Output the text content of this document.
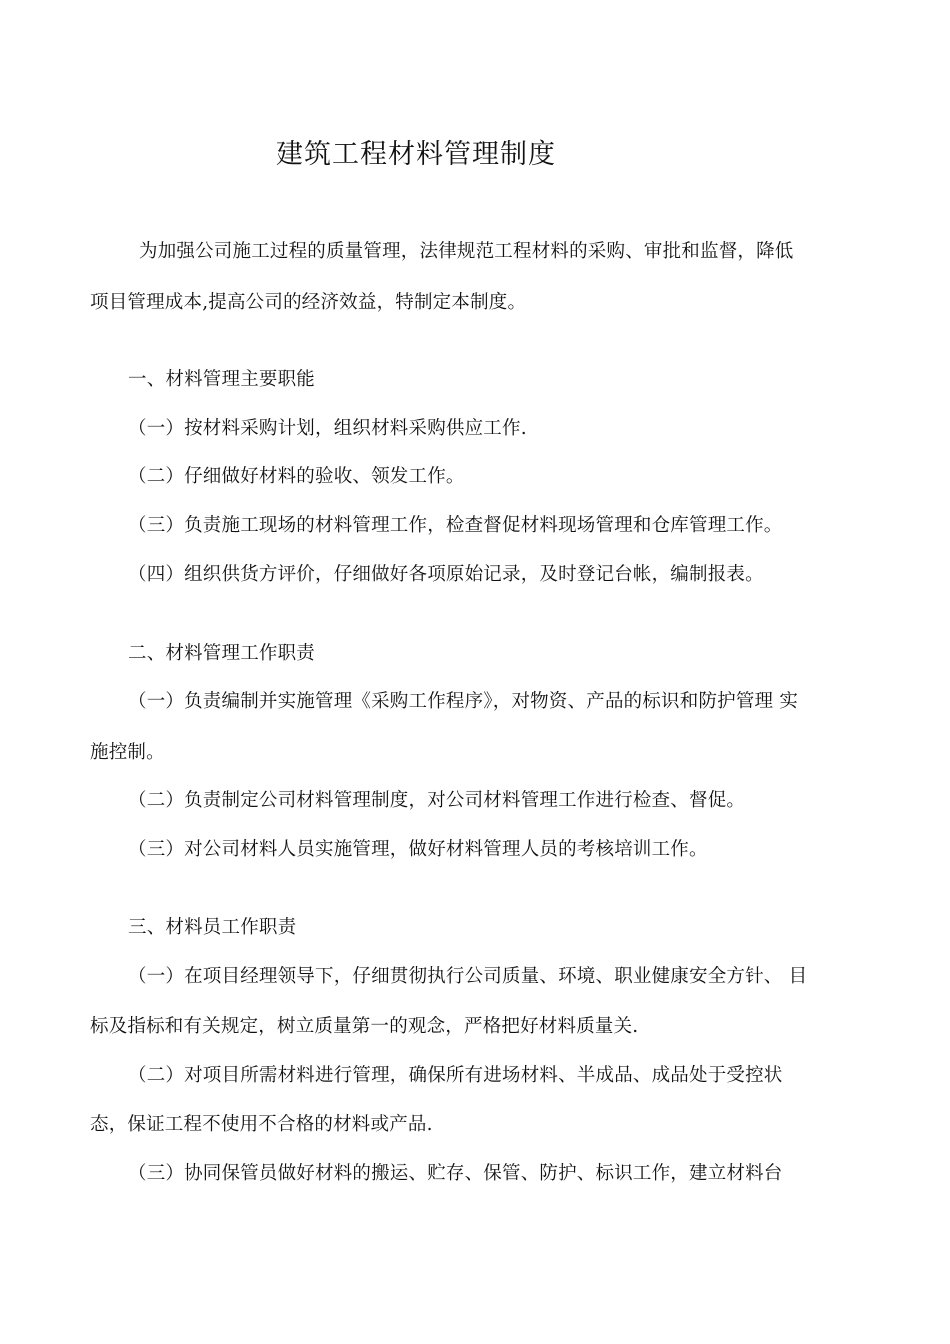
建筑工程材料管理制度
为加强公司施工过程的质量管理，法律规范工程材料的采购、审批和监督，降低
项目管理成本,提高公司的经济效益，特制定本制度。
一、材料管理主要职能
（一）按材料采购计划，组织材料采购供应工作.
（二）仔细做好材料的验收、领发工作。
（三）负责施工现场的材料管理工作，检查督促材料现场管理和仓库管理工作。
（四）组织供货方评价，仔细做好各项原始记录，及时登记台帐，编制报表。
二、材料管理工作职责
（一）负责编制并实施管理《采购工作程序》，对物资、产品的标识和防护管理 实
施控制。
（二）负责制定公司材料管理制度，对公司材料管理工作进行检查、督促。
（三）对公司材料人员实施管理，做好材料管理人员的考核培训工作。
三、材料员工作职责
（一）在项目经理领导下，仔细贯彻执行公司质量、环境、职业健康安全方针、 目
标及指标和有关规定，树立质量第一的观念，严格把好材料质量关.
（二）对项目所需材料进行管理，确保所有进场材料、半成品、成品处于受控状
态，保证工程不使用不合格的材料或产品.
（三）协同保管员做好材料的搬运、贮存、保管、防护、标识工作，建立材料台
